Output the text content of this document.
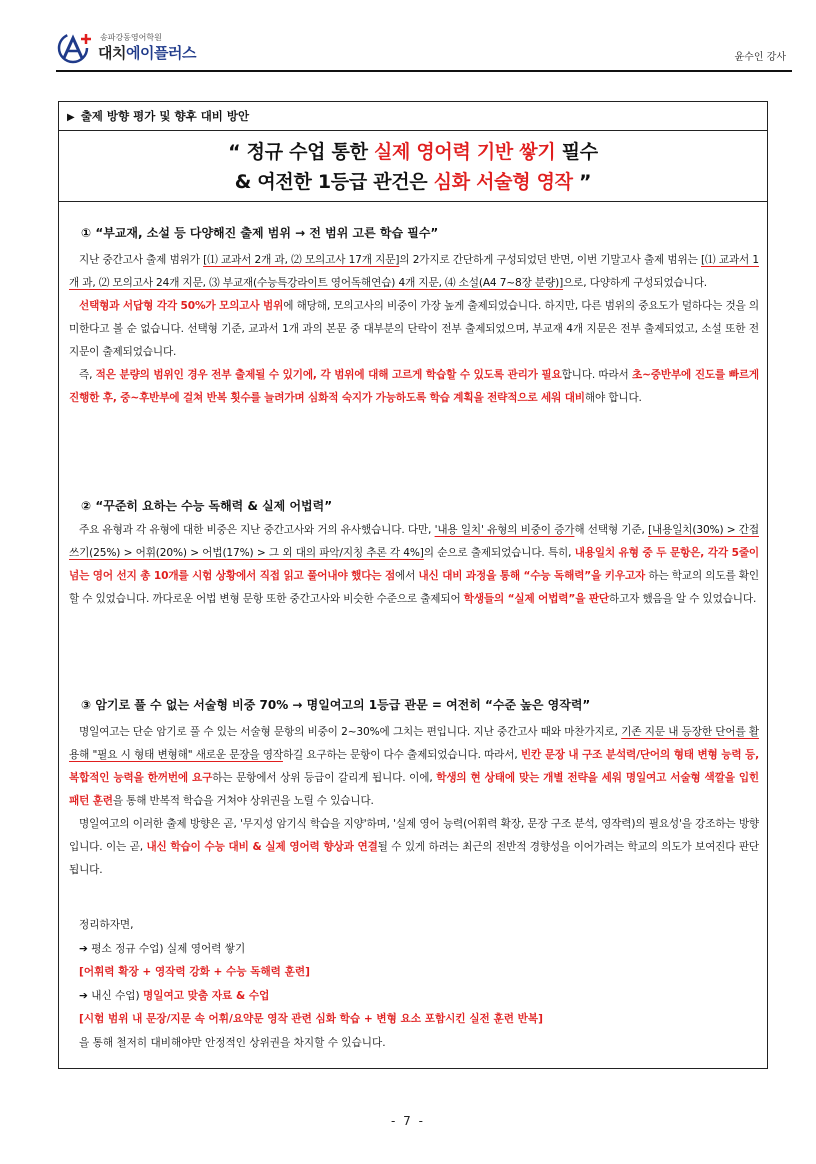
송파강동영어학원
대치에이플러스	윤수인 강사
▶ 출제 방향 평가 및 향후 대비 방안
“ 정규 수업 통한 실제 영어력 기반 쌓기 필수
& 여전한 1등급 관건은 심화 서술형 영작 ”
① “부교재, 소설 등 다양해진 출제 범위 → 전 범위 고른 학습 필수”

지난 중간고사 출제 범위가 [⑴ 교과서 2개 과, ⑵ 모의고사 17개 지문]의 2가지로 간단하게 구성되었던 반면, 이번 기말고사 출제 범위는 [⑴ 교과서 1개 과, ⑵ 모의고사 24개 지문, ⑶ 부교재(수능특강라이트 영어독해연습) 4개 지문, ⑷ 소설(A4 7~8장 분량)]으로, 다양하게 구성되었습니다.

선택형과 서답형 각각 50%가 모의고사 범위에 해당해, 모의고사의 비중이 가장 높게 출제되었습니다. 하지만, 다른 범위의 중요도가 덜하다는 것을 의미한다고 볼 순 없습니다. 선택형 기준, 교과서 1개 과의 본문 중 대부분의 단락이 전부 출제되었으며, 부교재 4개 지문은 전부 출제되었고, 소설 또한 전 지문이 출제되었습니다.

즉, 적은 분량의 범위인 경우 전부 출제될 수 있기에, 각 범위에 대해 고르게 학습할 수 있도록 관리가 필요합니다. 따라서 초~중반부에 진도를 빠르게 진행한 후, 중~후반부에 걸쳐 반복 횟수를 늘려가며 심화적 숙지가 가능하도록 학습 계획을 전략적으로 세워 대비해야 합니다.

② “꾸준히 요하는 수능 독해력 & 실제 어법력”

주요 유형과 각 유형에 대한 비중은 지난 중간고사와 거의 유사했습니다. 다만, '내용 일치' 유형의 비중이 증가해 선택형 기준, [내용일치(30%) > 간접쓰기(25%) > 어휘(20%) > 어법(17%) > 그 외 대의 파악/지칭 추론 각 4%]의 순으로 출제되었습니다. 특히, 내용일치 유형 중 두 문항은, 각각 5줄이 넘는 영어 선지 총 10개를 시험 상황에서 직접 읽고 풀어내야 했다는 점에서 내신 대비 과정을 통해 “수능 독해력”을 키우고자 하는 학교의 의도를 확인할 수 있었습니다. 까다로운 어법 변형 문항 또한 중간고사와 비슷한 수준으로 출제되어 학생들의 “실제 어법력”을 판단하고자 했음을 알 수 있었습니다.

③ 암기로 풀 수 없는 서술형 비중 70% → 명일여고의 1등급 관문 = 여전히 “수준 높은 영작력”

명일여고는 단순 암기로 풀 수 있는 서술형 문항의 비중이 2~30%에 그치는 편입니다. 지난 중간고사 때와 마찬가지로, 기존 지문 내 등장한 단어를 활용해 "필요 시 형태 변형해" 새로운 문장을 영작하길 요구하는 문항이 다수 출제되었습니다. 따라서, 빈칸 문장 내 구조 분석력/단어의 형태 변형 능력 등, 복합적인 능력을 한꺼번에 요구하는 문항에서 상위 등급이 갈리게 됩니다. 이에, 학생의 현 상태에 맞는 개별 전략을 세워 명일여고 서술형 색깔을 입힌 패턴 훈련을 통해 반복적 학습을 거쳐야 상위권을 노릴 수 있습니다.

명일여고의 이러한 출제 방향은 곧, '무지성 암기식 학습을 지양'하며, '실제 영어 능력(어휘력 확장, 문장 구조 분석, 영작력)의 필요성'을 강조하는 방향입니다. 이는 곧, 내신 학습이 수능 대비 & 실제 영어력 향상과 연결될 수 있게 하려는 최근의 전반적 경향성을 이어가려는 학교의 의도가 보여진다 판단됩니다.

정리하자면,
➔ 평소 정규 수업) 실제 영어력 쌓기
[어휘력 확장 + 영작력 강화 + 수능 독해력 훈련]
➔ 내신 수업) 명일여고 맞춤 자료 & 수업
[시험 범위 내 문장/지문 속 어휘/요약문 영작 관련 심화 학습 + 변형 요소 포함시킨 실전 훈련 반복]
을 통해 철저히 대비해야만 안정적인 상위권을 차지할 수 있습니다.
- 7 -
